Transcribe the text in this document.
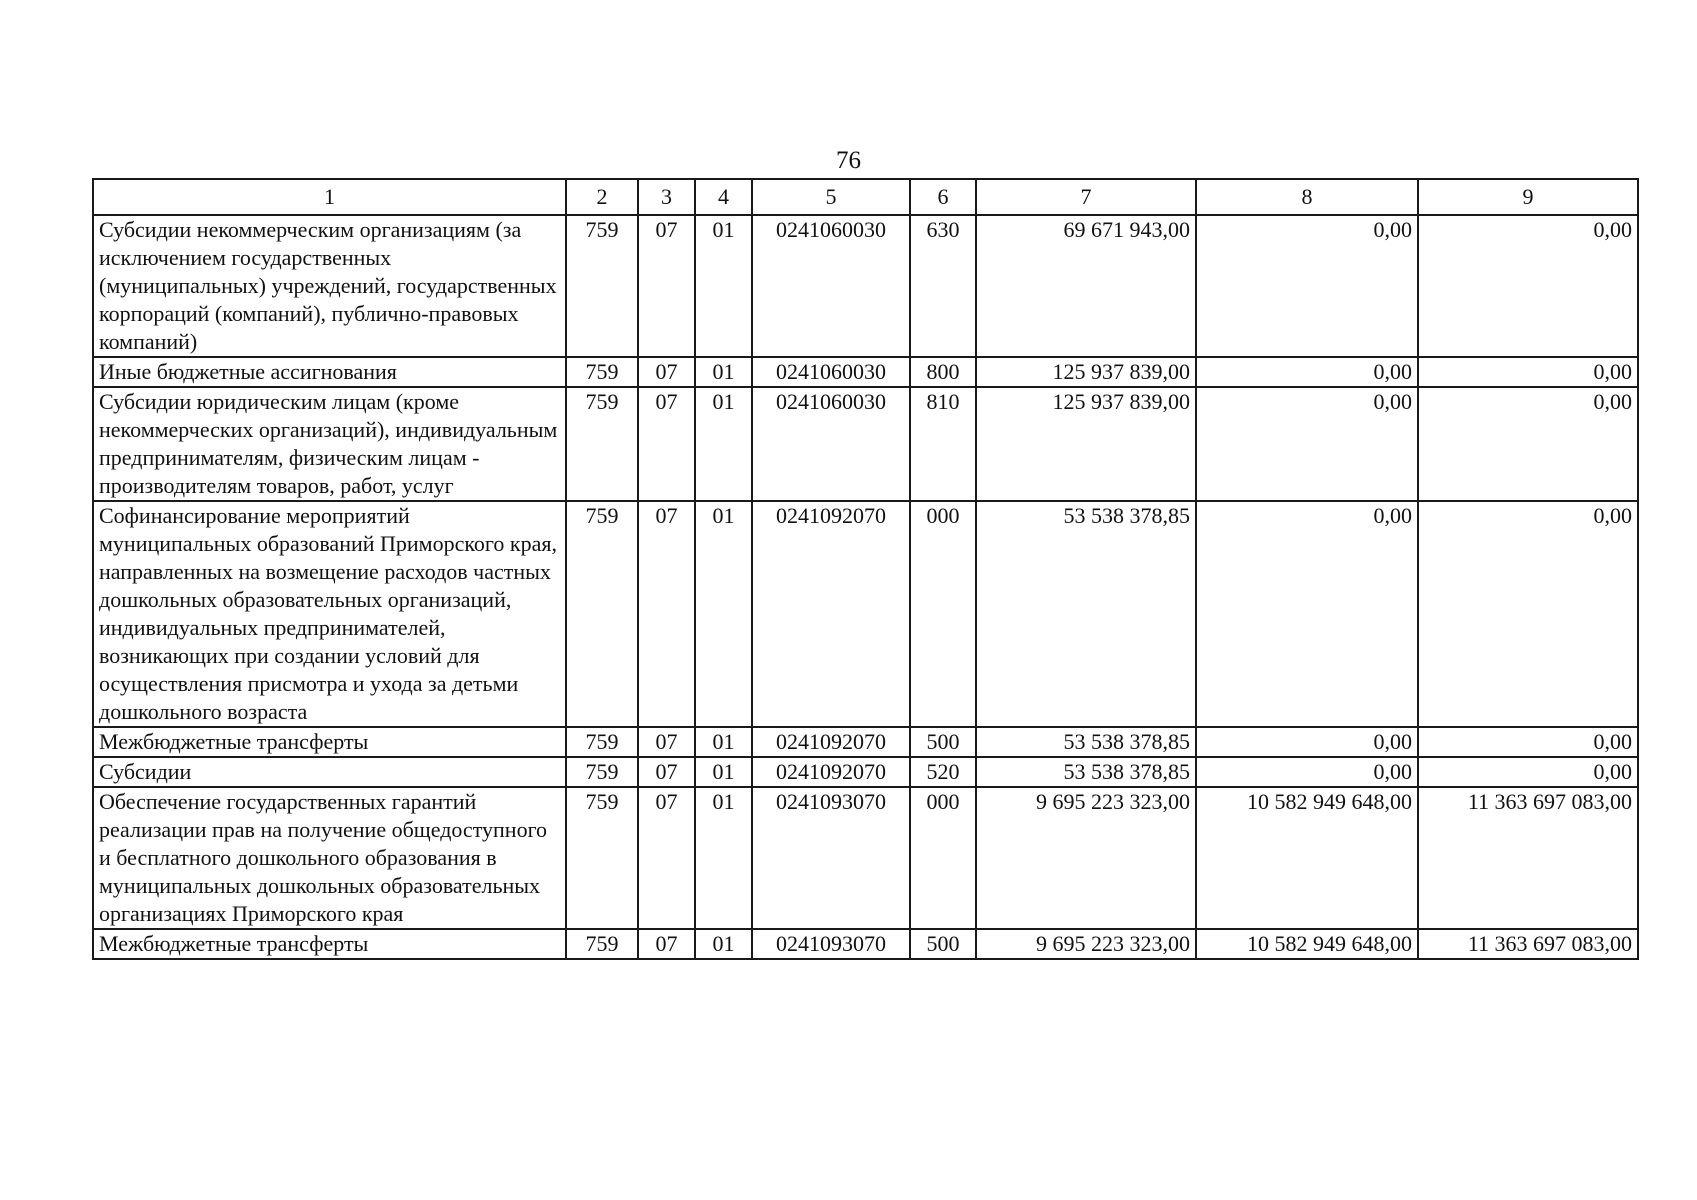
76
1	2	3	4	5	6	7	8	9
Субсидии некоммерческим организациям (за исключением государственных (муниципальных) учреждений, государственных корпораций (компаний), публично-правовых компаний)	759	07	01	0241060030	630	69 671 943,00	0,00	0,00
Иные бюджетные ассигнования	759	07	01	0241060030	800	125 937 839,00	0,00	0,00
Субсидии юридическим лицам (кроме некоммерческих организаций), индивидуальным предпринимателям, физическим лицам - производителям товаров, работ, услуг	759	07	01	0241060030	810	125 937 839,00	0,00	0,00
Софинансирование мероприятий муниципальных образований Приморского края, направленных на возмещение расходов частных дошкольных образовательных организаций, индивидуальных предпринимателей, возникающих при создании условий для осуществления присмотра и ухода за детьми дошкольного возраста	759	07	01	0241092070	000	53 538 378,85	0,00	0,00
Межбюджетные трансферты	759	07	01	0241092070	500	53 538 378,85	0,00	0,00
Субсидии	759	07	01	0241092070	520	53 538 378,85	0,00	0,00
Обеспечение государственных гарантий реализации прав на получение общедоступного и бесплатного дошкольного образования в муниципальных дошкольных образовательных организациях Приморского края	759	07	01	0241093070	000	9 695 223 323,00	10 582 949 648,00	11 363 697 083,00
Межбюджетные трансферты	759	07	01	0241093070	500	9 695 223 323,00	10 582 949 648,00	11 363 697 083,00
